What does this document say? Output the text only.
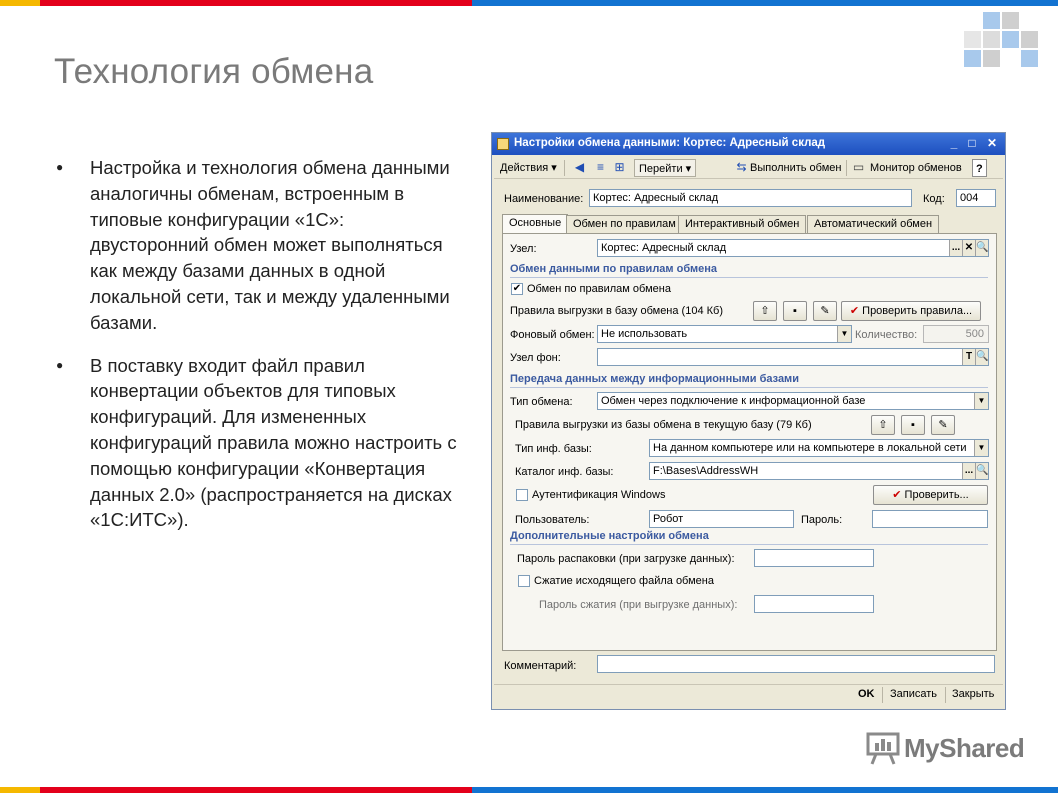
Технология обмена
● Настройка и технология обмена данными аналогичны обменам, встроенным в типовые конфигурации «1С»: двусторонний обмен может выполняться как между базами данных в одной локальной сети, так и между удаленными базами.
● В поставку входит файл правил конвертации объектов для типовых конфигураций. Для измененных конфигураций правила можно настроить с помощью конфигурации «Конвертация данных 2.0» (распространяется на дисках «1С:ИТС»).
Настройки обмена данными: Кортес: Адресный склад	_ □ ✕
Действия ▾	◀	≡ ⊞	Перейти ▾	⇆ Выполнить обмен ▭ Монитор обменов	?
Наименование: Кортес: Адресный склад	Код:	004
Основные	Обмен по правилам Интерактивный обмен	Автоматический обмен
Узел:	Кортес: Адресный склад	... ✕ 🔍
Обмен данными по правилам обмена
✔ Обмен по правилам обмена
Правила выгрузки в базу обмена (104 Кб)	⇧	▪	✎	✔ Проверить правила...
Фоновый обмен: Не использовать	▼ Количество:	500
Узел фон:	T 🔍
Передача данных между информационными базами
Тип обмена:	Обмен через подключение к информационной базе	▼
Правила выгрузки из базы обмена в текущую базу (79 Кб)	⇧	▪	✎
Тип инф. базы:	На данном компьютере или на компьютере в локальной сети	▼
Каталог инф. базы:	F:\Bases\AddressWH	... 🔍
Аутентификация Windows	✔ Проверить...
Пользователь:	Робот	Пароль:
Дополнительные настройки обмена
Пароль распаковки (при загрузке данных):
Сжатие исходящего файла обмена
Пароль сжатия (при выгрузке данных):
Комментарий:
OK Записать Закрыть
MyShared
